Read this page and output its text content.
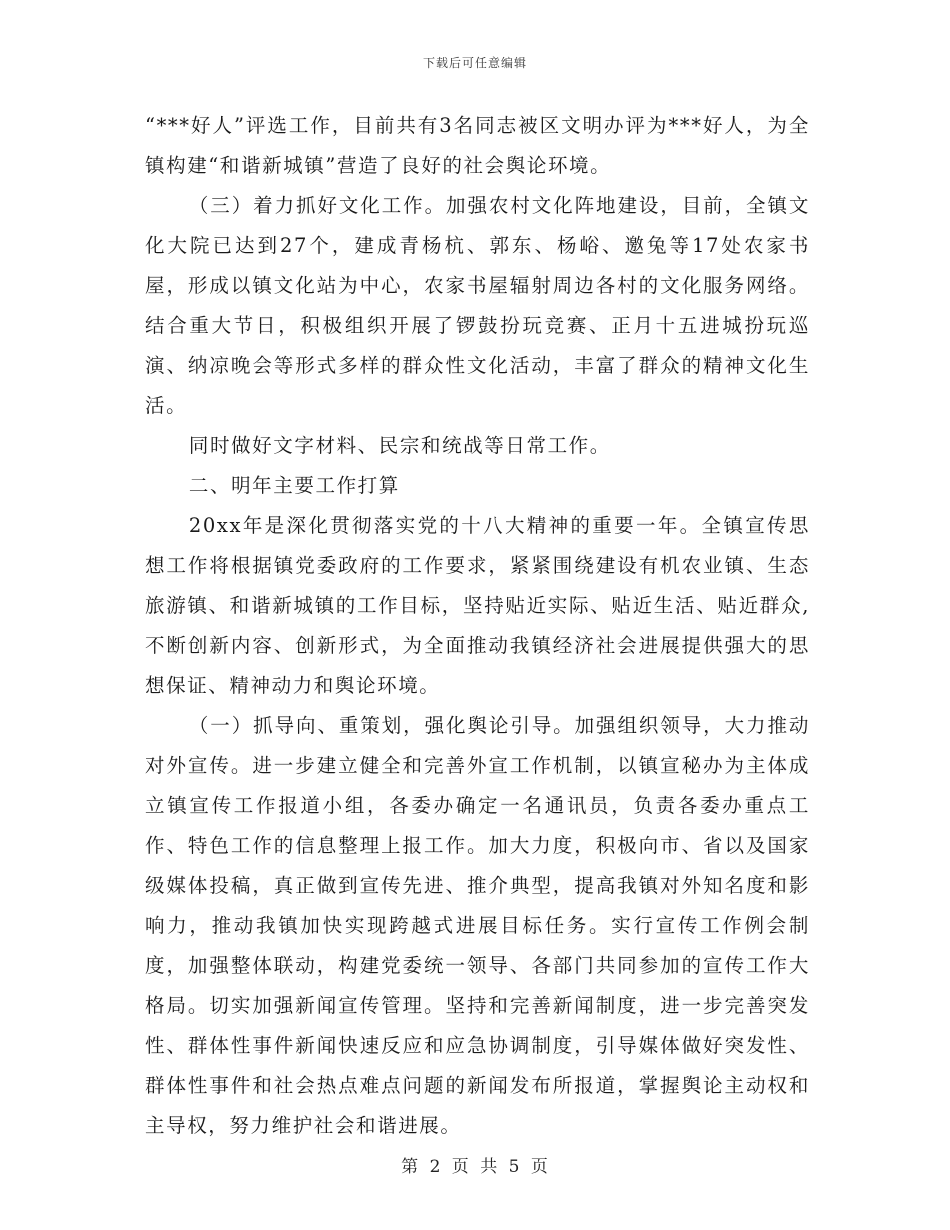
下载后可任意编辑

“***好人”评选工作，目前共有3名同志被区文明办评为***好人，为全镇构建“和谐新城镇”营造了良好的社会舆论环境。

（三）着力抓好文化工作。加强农村文化阵地建设，目前，全镇文化大院已达到27个，建成青杨杭、郭东、杨峪、邀兔等17处农家书屋，形成以镇文化站为中心，农家书屋辐射周边各村的文化服务网络。结合重大节日，积极组织开展了锣鼓扮玩竞赛、正月十五进城扮玩巡演、纳凉晚会等形式多样的群众性文化活动，丰富了群众的精神文化生活。

同时做好文字材料、民宗和统战等日常工作。

二、明年主要工作打算

20xx年是深化贯彻落实党的十八大精神的重要一年。全镇宣传思想工作将根据镇党委政府的工作要求，紧紧围绕建设有机农业镇、生态旅游镇、和谐新城镇的工作目标，坚持贴近实际、贴近生活、贴近群众,不断创新内容、创新形式，为全面推动我镇经济社会进展提供强大的思想保证、精神动力和舆论环境。

（一）抓导向、重策划，强化舆论引导。加强组织领导，大力推动对外宣传。进一步建立健全和完善外宣工作机制，以镇宣秘办为主体成立镇宣传工作报道小组，各委办确定一名通讯员，负责各委办重点工作、特色工作的信息整理上报工作。加大力度，积极向市、省以及国家级媒体投稿，真正做到宣传先进、推介典型，提高我镇对外知名度和影响力，推动我镇加快实现跨越式进展目标任务。实行宣传工作例会制度，加强整体联动，构建党委统一领导、各部门共同参加的宣传工作大格局。切实加强新闻宣传管理。坚持和完善新闻制度，进一步完善突发性、群体性事件新闻快速反应和应急协调制度，引导媒体做好突发性、群体性事件和社会热点难点问题的新闻发布所报道，掌握舆论主动权和主导权，努力维护社会和谐进展。

第 2 页 共 5 页
